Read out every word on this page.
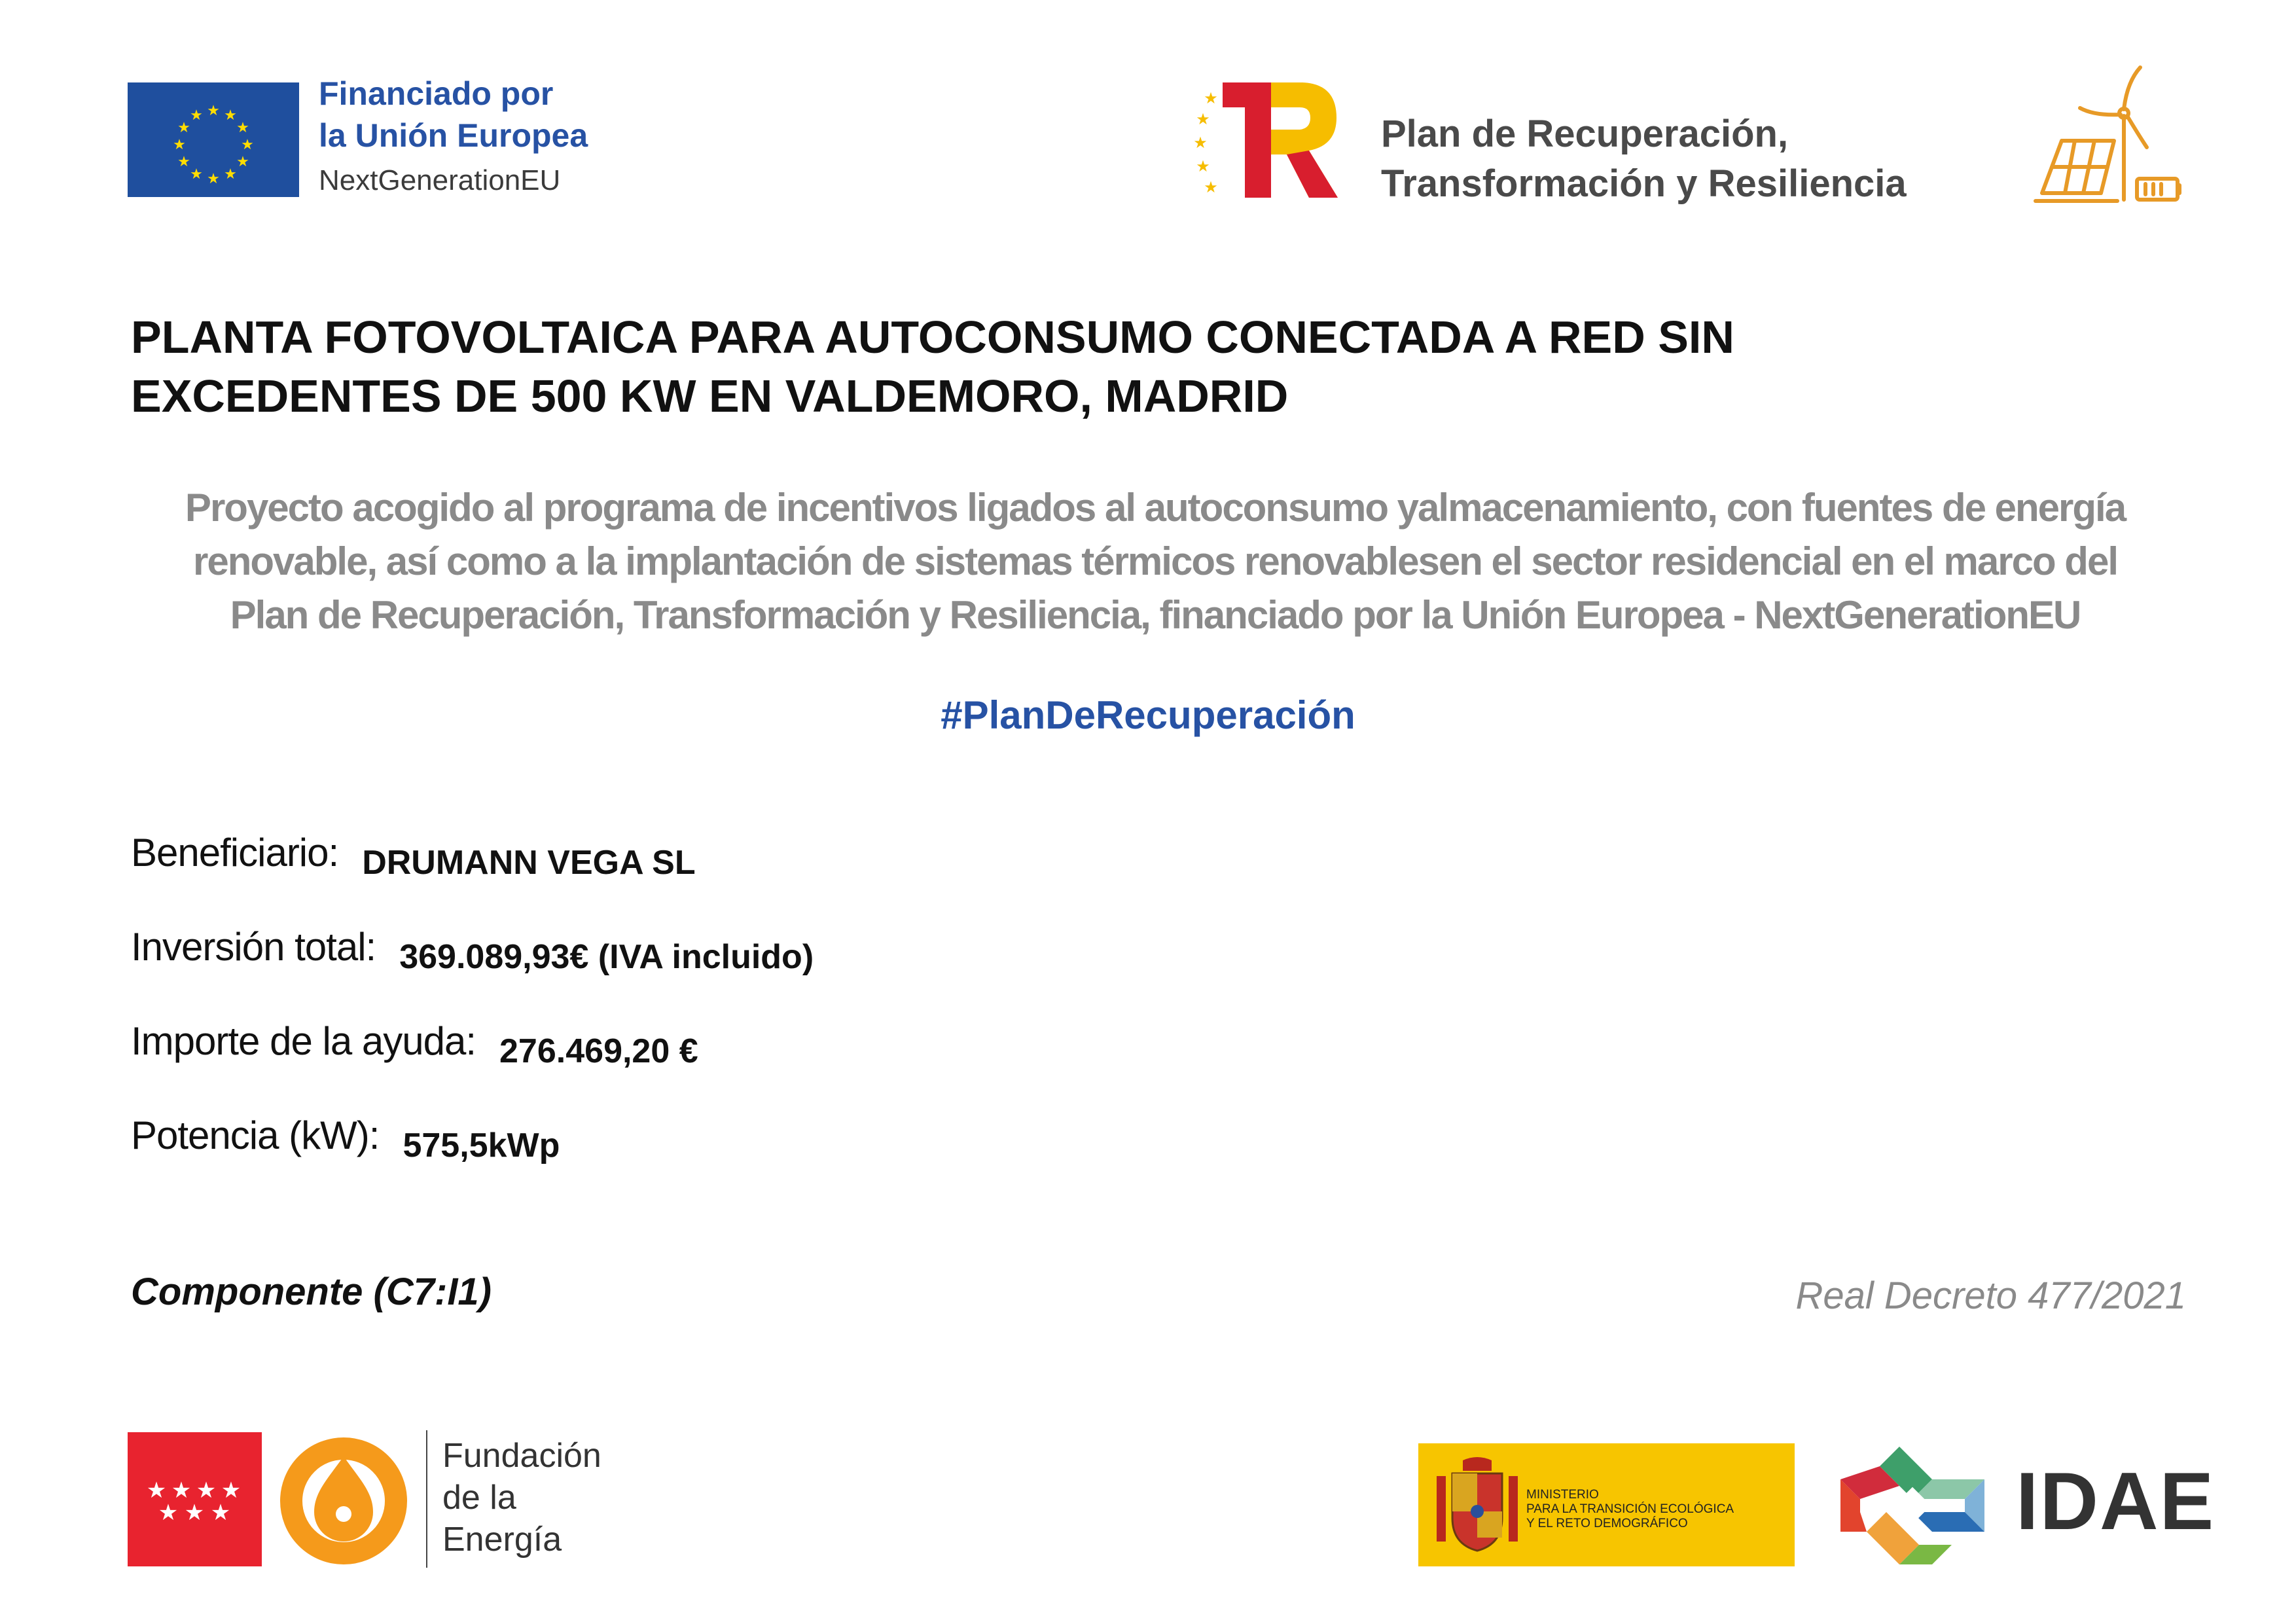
★ ★
★
★
★
★
★
★
★
★
★
★
Financiado por
la Unión Europea
NextGenerationEU
★
★
★
★
★
Plan de Recuperación,
Transformación y Resiliencia
PLANTA FOTOVOLTAICA PARA AUTOCONSUMO CONECTADA A RED SIN
EXCEDENTES DE 500 KW EN VALDEMORO, MADRID

Proyecto acogido al programa de incentivos ligados al autoconsumo yalmacenamiento, con fuentes de energía
renovable, así como a la implantación de sistemas térmicos renovablesen el sector residencial en el marco del
Plan de Recuperación, Transformación y Resiliencia, financiado por la Unión Europea - NextGenerationEU

#PlanDeRecuperación
Beneficiario: DRUMANN VEGA SL
Inversión total: 369.089,93€ (IVA incluido)
Importe de la ayuda: 276.469,20 €
Potencia (kW): 575,5kWp
Componente (C7:I1)	Real Decreto 477/2021
★ ★ ★ ★
★ ★ ★
Fundación
de la
Energía
MINISTERIO
PARA LA TRANSICIÓN ECOLÓGICA
Y EL RETO DEMOGRÁFICO	IDAE
